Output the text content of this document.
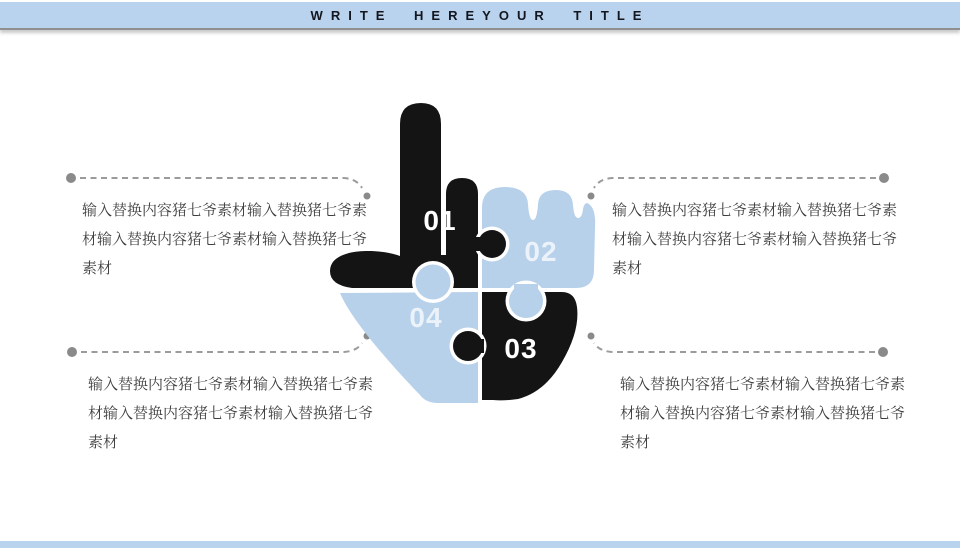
WRITE HEREYOUR TITLE
01
02
03
04
输入替换内容猪七爷素材输入替换猪七爷素
材输入替换内容猪七爷素材输入替换猪七爷
素材
输入替换内容猪七爷素材输入替换猪七爷素
材输入替换内容猪七爷素材输入替换猪七爷
素材
输入替换内容猪七爷素材输入替换猪七爷素
材输入替换内容猪七爷素材输入替换猪七爷
素材
输入替换内容猪七爷素材输入替换猪七爷素
材输入替换内容猪七爷素材输入替换猪七爷
素材
